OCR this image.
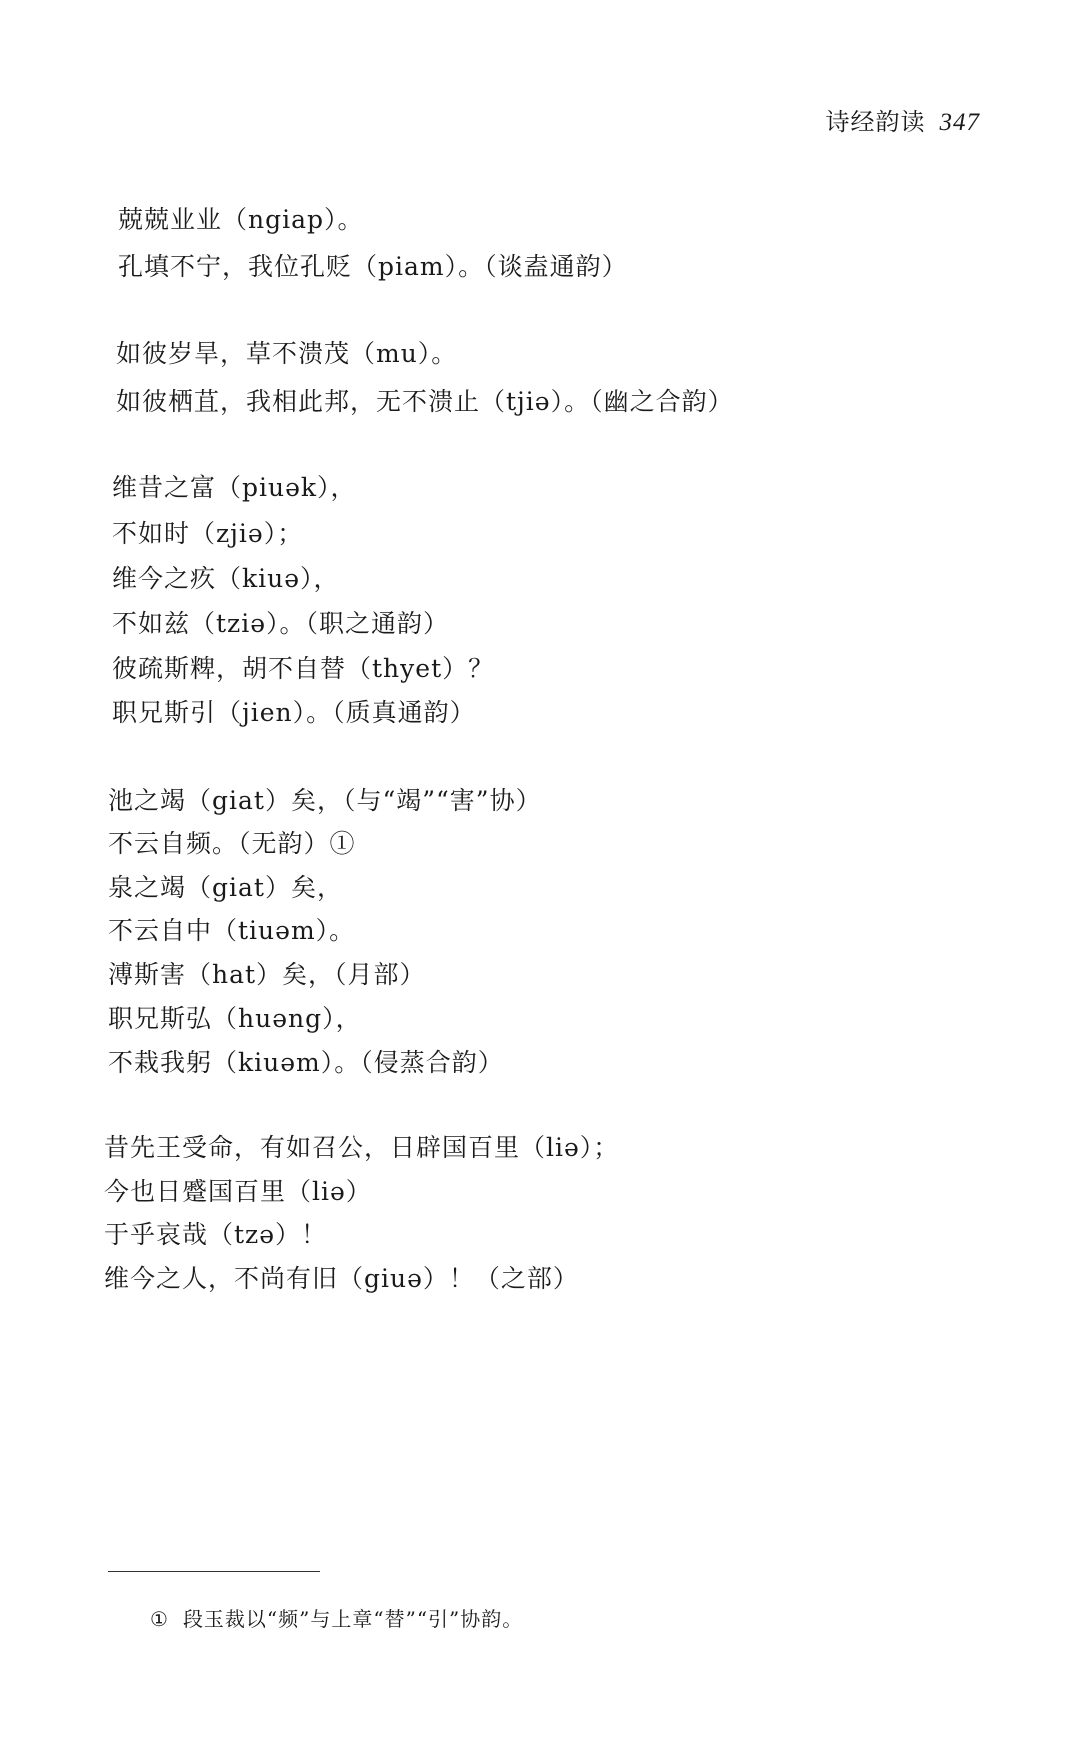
诗经韵读 347
兢兢业业（ngiap）。
孔填不宁，我位孔贬（piam）。（谈盍通韵）
如彼岁旱，草不溃茂（mu）。
如彼栖苴，我相此邦，无不溃止（tjiə）。（幽之合韵）
维昔之富（piuək），
不如时（zjiə）；
维今之疚（kiuə），
不如兹（tziə）。（职之通韵）
彼疏斯粺，胡不自替（thyet）？
职兄斯引（jien）。（质真通韵）
池之竭（giat）矣，（与“竭”“害”协）
不云自频。（无韵）①
泉之竭（giat）矣，
不云自中（tiuəm）。
溥斯害（hat）矣，（月部）
职兄斯弘（huəng），
不栽我躬（kiuəm）。（侵蒸合韵）
昔先王受命，有如召公，日辟国百里（liə）；
今也日蹙国百里（liə）
于乎哀哉（tzə）！
维今之人，不尚有旧（giuə）！（之部）
① 段玉裁以“频”与上章“替”“引”协韵。
